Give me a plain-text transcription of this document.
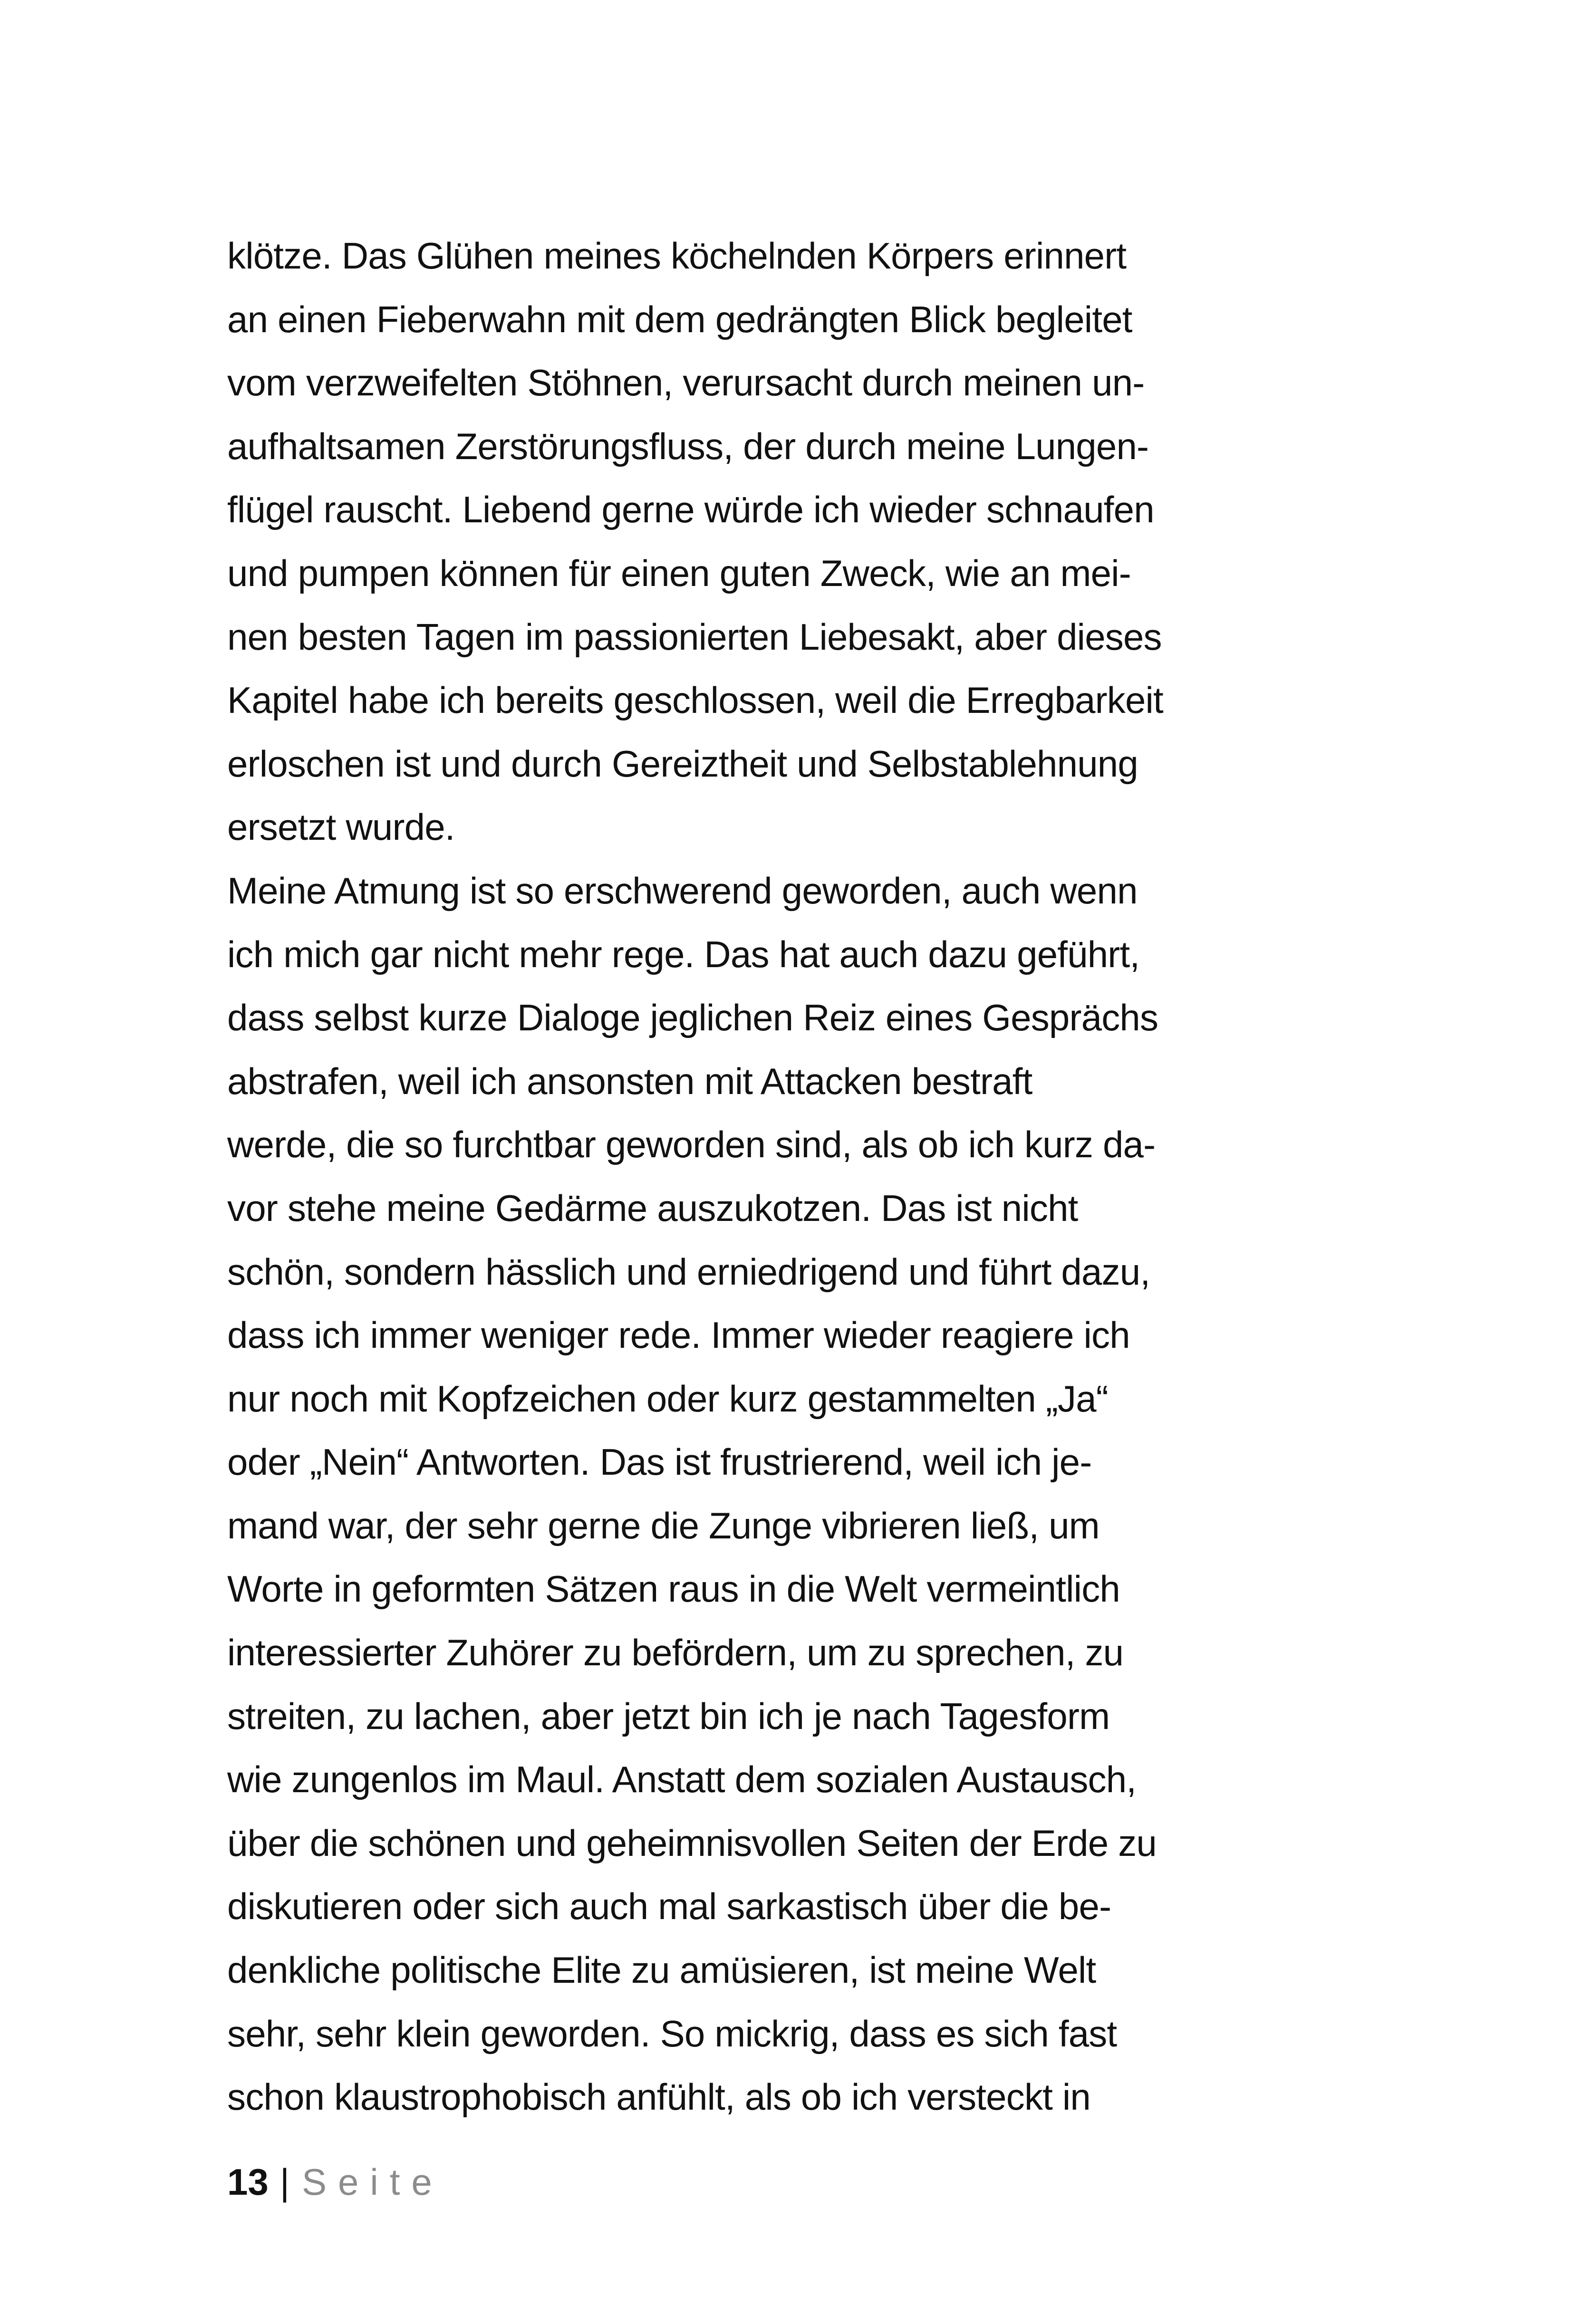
klötze. Das Glühen meines köchelnden Körpers erinnert
an einen Fieberwahn mit dem gedrängten Blick begleitet
vom verzweifelten Stöhnen, verursacht durch meinen un-
aufhaltsamen Zerstörungsfluss, der durch meine Lungen-
flügel rauscht. Liebend gerne würde ich wieder schnaufen
und pumpen können für einen guten Zweck, wie an mei-
nen besten Tagen im passionierten Liebesakt, aber dieses
Kapitel habe ich bereits geschlossen, weil die Erregbarkeit
erloschen ist und durch Gereiztheit und Selbstablehnung
ersetzt wurde.
Meine Atmung ist so erschwerend geworden, auch wenn
ich mich gar nicht mehr rege. Das hat auch dazu geführt,
dass selbst kurze Dialoge jeglichen Reiz eines Gesprächs
abstrafen, weil ich ansonsten mit Attacken bestraft
werde, die so furchtbar geworden sind, als ob ich kurz da-
vor stehe meine Gedärme auszukotzen. Das ist nicht
schön, sondern hässlich und erniedrigend und führt dazu,
dass ich immer weniger rede. Immer wieder reagiere ich
nur noch mit Kopfzeichen oder kurz gestammelten „Ja“
oder „Nein“ Antworten. Das ist frustrierend, weil ich je-
mand war, der sehr gerne die Zunge vibrieren ließ, um
Worte in geformten Sätzen raus in die Welt vermeintlich
interessierter Zuhörer zu befördern, um zu sprechen, zu
streiten, zu lachen, aber jetzt bin ich je nach Tagesform
wie zungenlos im Maul. Anstatt dem sozialen Austausch,
über die schönen und geheimnisvollen Seiten der Erde zu
diskutieren oder sich auch mal sarkastisch über die be-
denkliche politische Elite zu amüsieren, ist meine Welt
sehr, sehr klein geworden. So mickrig, dass es sich fast
schon klaustrophobisch anfühlt, als ob ich versteckt in
13 | Seite
